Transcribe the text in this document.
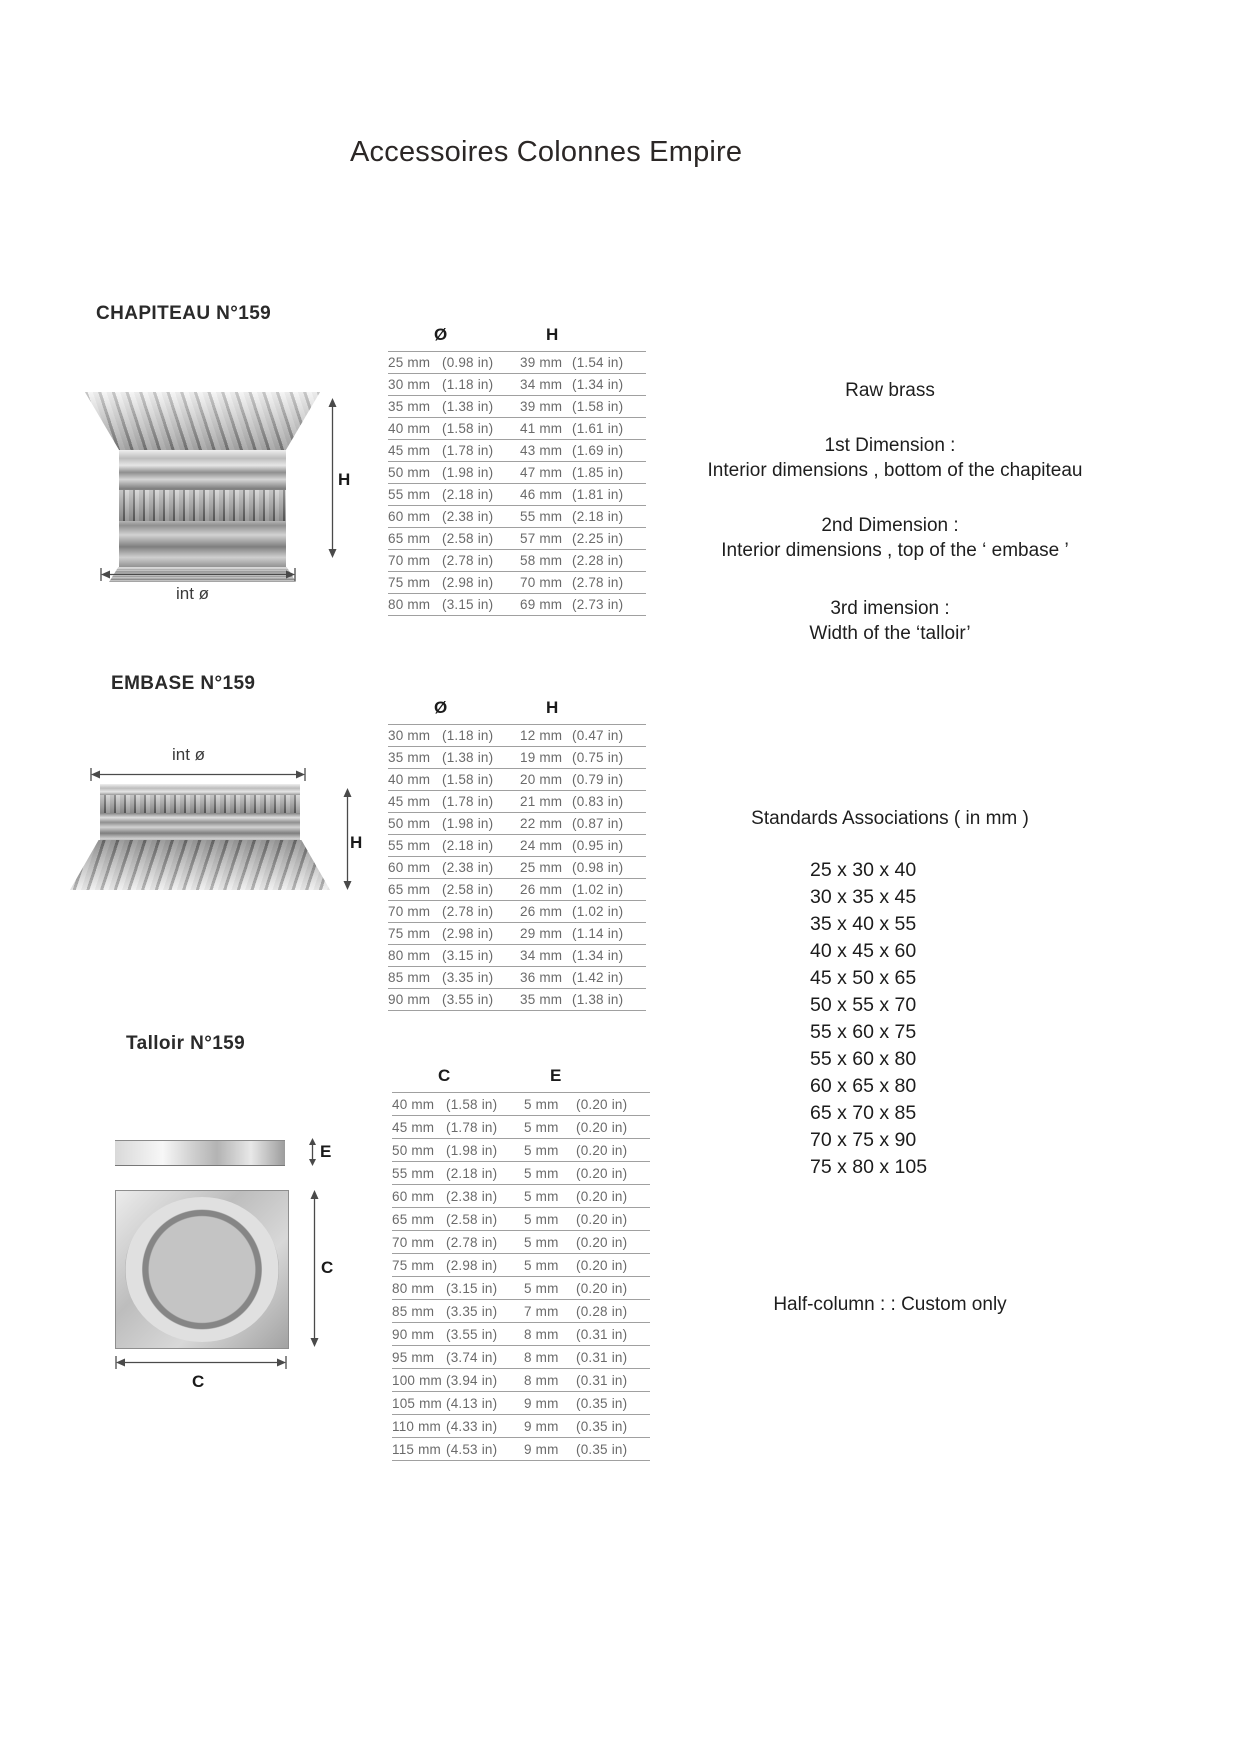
Accessoires Colonnes Empire
CHAPITEAU N°159
H
int ø
Ø	H
25 mm (0.98 in)	39 mm (1.54 in)
30 mm (1.18 in)	34 mm (1.34 in)
35 mm (1.38 in)	39 mm (1.58 in)
40 mm (1.58 in)	41 mm (1.61 in)
45 mm (1.78 in)	43 mm (1.69 in)
50 mm (1.98 in)	47 mm (1.85 in)
55 mm (2.18 in)	46 mm (1.81 in)
60 mm (2.38 in)	55 mm (2.18 in)
65 mm (2.58 in)	57 mm (2.25 in)
70 mm (2.78 in)	58 mm (2.28 in)
75 mm (2.98 in)	70 mm (2.78 in)
80 mm (3.15 in)	69 mm (2.73 in)
Raw brass
1st Dimension :
Interior dimensions , bottom of the chapiteau
2nd Dimension :
Interior dimensions , top of the ‘ embase ’
3rd imension :
Width of the ‘talloir’
EMBASE N°159
int ø
H
Ø	H
30 mm (1.18 in)	12 mm (0.47 in)
35 mm (1.38 in)	19 mm (0.75 in)
40 mm (1.58 in)	20 mm (0.79 in)
45 mm (1.78 in)	21 mm (0.83 in)
50 mm (1.98 in)	22 mm (0.87 in)
55 mm (2.18 in)	24 mm (0.95 in)
60 mm (2.38 in)	25 mm (0.98 in)
65 mm (2.58 in)	26 mm (1.02 in)
70 mm (2.78 in)	26 mm (1.02 in)
75 mm (2.98 in)	29 mm (1.14 in)
80 mm (3.15 in)	34 mm (1.34 in)
85 mm (3.35 in)	36 mm (1.42 in)
90 mm (3.55 in)	35 mm (1.38 in)
Standards Associations ( in mm )
25 x 30 x 40
30 x 35 x 45
35 x 40 x 55
40 x 45 x 60
45 x 50 x 65
50 x 55 x 70
55 x 60 x 75
55 x 60 x 80
60 x 65 x 80
65 x 70 x 85
70 x 75 x 90
75 x 80 x 105
Talloir N°159
E
C
C
C	E
40 mm (1.58 in)	5 mm	(0.20 in)
45 mm (1.78 in)	5 mm	(0.20 in)
50 mm (1.98 in)	5 mm	(0.20 in)
55 mm (2.18 in)	5 mm	(0.20 in)
60 mm (2.38 in)	5 mm	(0.20 in)
65 mm (2.58 in)	5 mm	(0.20 in)
70 mm (2.78 in)	5 mm	(0.20 in)
75 mm (2.98 in)	5 mm	(0.20 in)
80 mm (3.15 in)	5 mm	(0.20 in)
85 mm (3.35 in)	7 mm	(0.28 in)
90 mm (3.55 in)	8 mm	(0.31 in)
95 mm (3.74 in)	8 mm	(0.31 in)
100 mm (3.94 in)	8 mm	(0.31 in)
105 mm (4.13 in)	9 mm	(0.35 in)
110 mm (4.33 in)	9 mm	(0.35 in)
115 mm (4.53 in)	9 mm	(0.35 in)
Half-column : : Custom only
